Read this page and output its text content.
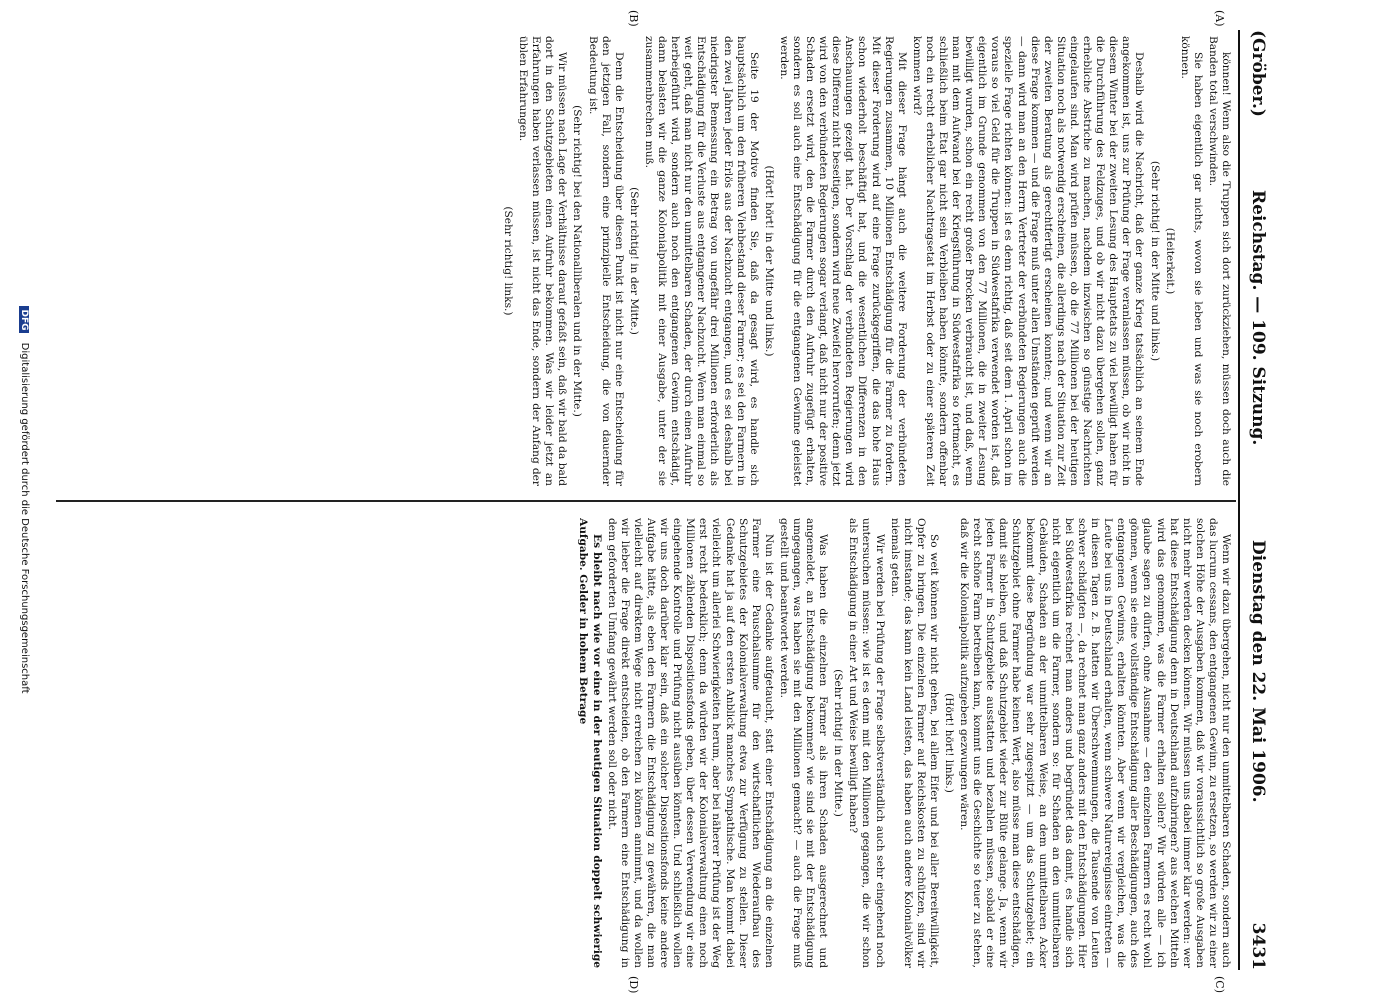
(Gröber.)
Reichstag. — 109. Sitzung.
Dienstag den 22. Mai 1906.
3431
(A)
(B)
(C)
(D)

können! Wenn also die Truppen sich dort zurückziehen, müssen doch auch die Banden total verschwinden.

Sie haben eigentlich gar nichts, wovon sie leben und was sie noch erobern können.

(Heiterkeit.)

(Sehr richtig! in der Mitte und links.)

Deshalb wird die Nachricht, daß der ganze Krieg tatsächlich an seinem Ende angekommen ist, uns zur Prüfung der Frage veranlassen müssen, ob wir nicht in diesem Winter bei der zweiten Lesung des Hauptetats zu viel bewilligt haben für die Durchführung des Feldzuges, und ob wir nicht dazu übergehen sollen, ganz erhebliche Abstriche zu machen, nachdem inzwischen so günstige Nachrichten eingelaufen sind. Man wird prüfen müssen, ob die 77 Millionen bei der heutigen Situation noch als notwendig erscheinen, die allerdings nach der Situation zur Zeit der zweiten Beratung als gerechtfertigt erscheinen konnten; und wenn wir an diese Frage kommen — und die Frage muß unter allen Umständen geprüft werden — dann wird man an den Herrn Vertreter der verbündeten Regierungen auch die spezielle Frage richten können: ist es denn richtig, daß seit dem 1. April schon im voraus so viel Geld für die Truppen in Südwestafrika verwendet worden ist, daß eigentlich im Grunde genommen von den 77 Millionen, die in zweiter Lesung bewilligt wurden, schon ein recht großer Brocken verbraucht ist, und daß, wenn man mit dem Aufwand bei der Kriegsführung in Südwestafrika so fortmacht, es schließlich beim Etat gar nicht sein Verbleiben haben könnte, sondern offenbar noch ein recht erheblicher Nachtragsetat im Herbst oder zu einer späteren Zeit kommen wird?

Mit dieser Frage hängt auch die weitere Forderung der verbündeten Regierungen zusammen, 10 Millionen Entschädigung für die Farmer zu fordern. Mit dieser Forderung wird auf eine Frage zurückgegriffen, die das hohe Haus schon wiederholt beschäftigt hat, und die wesentlichen Differenzen in den Anschauungen gezeigt hat. Der Vorschlag der verbündeten Regierungen wird diese Differenz nicht beseitigen, sondern wird neue Zweifel hervorrufen; denn jetzt wird von den verbündeten Regierungen sogar verlangt, daß nicht nur der positive Schaden ersetzt wird, den die Farmer durch den Aufruhr zugefügt erhalten, sondern es soll auch eine Entschädigung für die entgangenen Gewinne geleistet werden.

(Hört! hört! in der Mitte und links.)

Seite 19 der Motive finden Sie, daß da gesagt wird, es handle sich hauptsächlich um den früheren Viehbestand dieser Farmer; es sei den Farmern in den zwei Jahren jeder Erlös aus der Nachzucht entgangen, und es sei deshalb bei niedrigster Bemessung ein Betrag von ungefähr drei Millionen erforderlich als Entschädigung für die Verluste aus entgangener Nachzucht. Wenn man einmal so weit geht, daß man nicht nur den unmittelbaren Schaden, der durch einen Aufruhr herbeigeführt wird, sondern auch noch den entgangenen Gewinn entschädigt, dann belasten wir die ganze Kolonialpolitik mit einer Ausgabe, unter der sie zusammenbrechen muß.

(Sehr richtig! in der Mitte.)

Denn die Entscheidung über diesen Punkt ist nicht nur eine Entscheidung für den jetzigen Fall, sondern eine prinzipielle Entscheidung, die von dauernder Bedeutung ist.

(Sehr richtig! bei den Nationalliberalen und in der Mitte.)

Wir müssen nach Lage der Verhältnisse darauf gefaßt sein, daß wir bald da bald dort in den Schutzgebieten einen Aufruhr bekommen. Was wir leider jetzt an Erfahrungen haben verlassen müssen, ist nicht das Ende, sondern der Anfang der üblen Erfahrungen.

(Sehr richtig! links.)

Wenn wir dazu übergehen, nicht nur den unmittelbaren Schaden, sondern auch das lucrum cessans, den entgangenen Gewinn, zu ersetzen, so werden wir zu einer solchen Höhe der Ausgaben kommen, daß wir voraussichtlich so große Ausgaben nicht mehr werden decken können. Wir müssen uns dabei immer klar werden: wer hat diese Entschädigung denn in Deutschland aufzubringen? aus welchen Mitteln wird das genommen, was die Farmer erhalten sollen? Wir würden alle — ich glaube sagen zu dürfen, ohne Ausnahme — den einzelnen Farmern es recht wohl gönnen, wenn sie eine vollständige Entschädigung aller Beschädigungen, auch des entgangenen Gewinns, erhalten könnten. Aber wenn wir vergleichen, was die Leute bei uns in Deutschland erhalten, wenn schwere Naturereignisse eintreten — in diesen Tagen z. B. hatten wir Überschwemmungen, die Tausende von Leuten schwer schädigten —, da rechnet man ganz anders mit den Entschädigungen. Hier bei Südwestafrika rechnet man anders und begründet das damit, es handle sich nicht eigentlich um die Farmer, sondern so: für Schaden an den unmittelbaren Gebäuden, Schaden an der unmittelbaren Weise, an dem unmittelbaren Acker bekommt diese Begründung war sehr zugespitzt — um das Schutzgebiet; ein Schutzgebiet ohne Farmer habe keinen Wert, also müsse man diese entschädigen, damit sie bleiben, und daß Schutzgebiet wieder zur Blüte gelange. Ja, wenn wir jeden Farmer in Schutzgebiete ausstatten und bezahlen müssen, sobald er eine recht schöne Farm betreiben kann, kommt uns die Geschichte so teuer zu stehen, daß wir die Kolonialpolitik aufzugeben gezwungen wären.

(Hört! hört! links.)

So weit können wir nicht gehen, bei allem Eifer und bei aller Bereitwilligkeit, Opfer zu bringen. Die einzelnen Farmer auf Reichskosten zu schützen, sind wir nicht imstande; das kann kein Land leisten, das haben auch andere Kolonialvölker niemals getan.

Wir werden bei Prüfung der Frage selbstverständlich auch sehr eingehend noch untersuchen müssen: wie ist es denn mit den Millionen gegangen, die wir schon als Entschädigung in einer Art und Weise bewilligt haben?

(Sehr richtig! in der Mitte.)

Was haben die einzelnen Farmer als ihren Schaden ausgerechnet und angemeldet, an Entschädigung bekommen? wie sind sie mit der Entschädigung umgegangen, was haben sie mit den Millionen gemacht? — auch die Frage muß gestellt und beantwortet werden.

Nun ist der Gedanke aufgetaucht, statt einer Entschädigung an die einzelnen Farmer eine Pauschalsumme für den wirtschaftlichen Wiederaufbau des Schutzgebietes der Kolonialverwaltung etwa zur Verfügung zu stellen. Dieser Gedanke hat ja auf den ersten Anblick manches Sympathische. Man kommt dabei vielleicht um allerlei Schwierigkeiten herum, aber bei näherer Prüfung ist der Weg erst recht bedenklich; denn da würden wir der Kolonialverwaltung einen noch Millionen zählenden Dispositionsfonds geben, über dessen Verwendung wir eine eingehende Kontrolle und Prüfung nicht ausüben könnten. Und schließlich wollen wir uns doch darüber klar sein, daß ein solcher Dispositionsfonds keine andere Aufgabe hätte, als eben den Farmern die Entschädigung zu gewähren, die man vielleicht auf direktem Wege nicht erreichen zu können annimmt, und da wollen wir lieber die Frage direkt entscheiden, ob den Farmern eine Entschädigung in dem geforderten Umfang gewährt werden soll oder nicht.

Es bleibt nach wie vor eine in der heutigen Situation doppelt schwierige Aufgabe. Gelder in hohem Betrage

DFG Digitalisierung gefördert durch die Deutsche Forschungsgemeinschaft
